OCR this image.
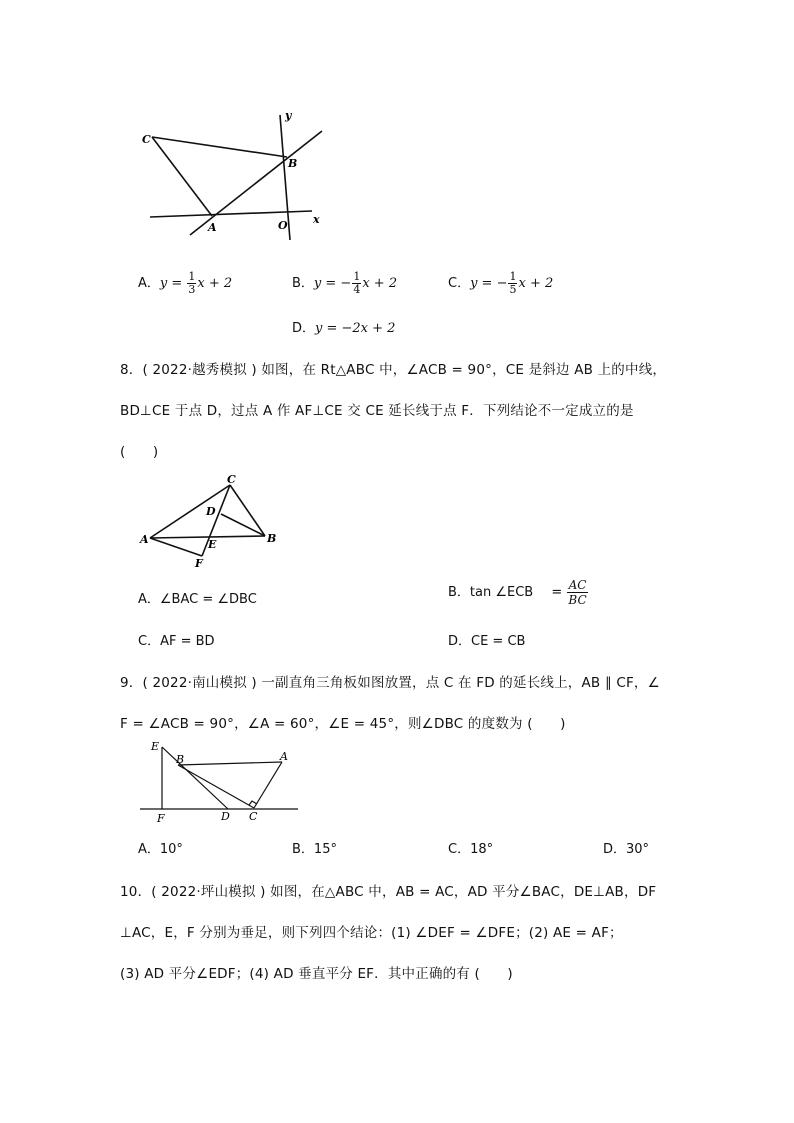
C
B
A	O x
y
A．$y = \frac{1}{3}$ x + 2	B．y = − $\frac{1}{4}$ x + 2	C．y = − $\frac{1}{5}$ x + 2
D．y = −2x + 2
8．( 2022·越秀模拟 ) 如图，在 Rt△ABC 中，∠ACB = 90°，CE 是斜边 AB 上的中线，
BD⊥CE 于点 D，过点 A 作 AF⊥CE 交 CE 延长线于点 F．下列结论不一定成立的是
(　　)
C
D
A	E	B
F
A．∠BAC = ∠DBC	B．tan ∠ECB = $\frac{AC}{BC}$
C．AF = BD	D．CE = CB
9．( 2022·南山模拟 ) 一副直角三角板如图放置，点 C 在 FD 的延长线上，AB ∥ CF，∠
F = ∠ACB = 90°，∠A = 60°，∠E = 45°，则∠DBC 的度数为 (　　)
E
B	A
F	D C
A．10°	B．15°	C．18°	D．30°
10．( 2022·坪山模拟 ) 如图，在△ABC 中，AB = AC，AD 平分∠BAC，DE⊥AB，DF
⊥AC，E，F 分别为垂足，则下列四个结论：(1) ∠DEF = ∠DFE；(2) AE = AF；
(3) AD 平分∠EDF；(4) AD 垂直平分 EF．其中正确的有 (　　)
